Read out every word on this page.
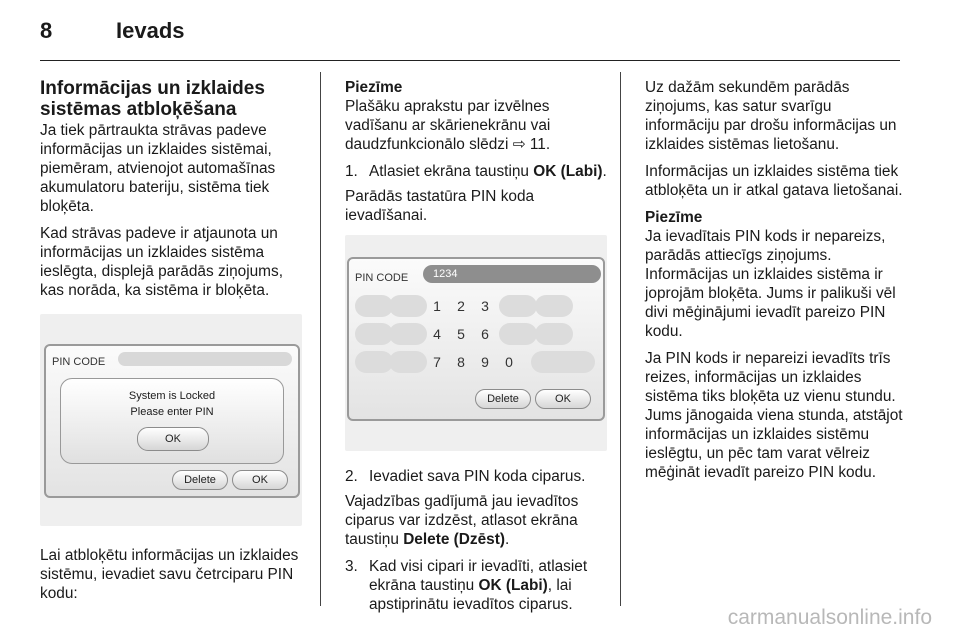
8	Ievads
Informācijas un izklaides sistēmas atbloķēšana

Ja tiek pārtraukta strāvas padeve informācijas un izklaides sistēmai, piemēram, atvienojot automašīnas akumulatoru bateriju, sistēma tiek bloķēta.

Kad strāvas padeve ir atjaunota un informācijas un izklaides sistēma ieslēgta, displejā parādās ziņojums, kas norāda, ka sistēma ir bloķēta.

PIN CODE
System is Locked
Please enter PIN
OK
Delete	OK

Lai atbloķētu informācijas un izklaides sistēmu, ievadiet savu četrciparu PIN kodu:

Piezīme

Plašāku aprakstu par izvēlnes vadīšanu ar skārienekrānu vai daudzfunkcionālo slēdzi ⇨ 11.

1. Atlasiet ekrāna taustiņu OK (Labi).

Parādās tastatūra PIN koda ievadīšanai.

PIN CODE	1234
1	2	3
4	5	6
7	8	9	0
Delete	OK
2. Ievadiet sava PIN koda ciparus.

Vajadzības gadījumā jau ievadītos ciparus var izdzēst, atlasot ekrāna taustiņu Delete (Dzēst).

3. Kad visi cipari ir ievadīti, atlasiet ekrāna taustiņu OK (Labi), lai apstiprinātu ievadītos ciparus.

Uz dažām sekundēm parādās ziņojums, kas satur svarīgu informāciju par drošu informācijas un izklaides sistēmas lietošanu.

Informācijas un izklaides sistēma tiek atbloķēta un ir atkal gatava lietošanai.

Piezīme

Ja ievadītais PIN kods ir nepareizs, parādās attiecīgs ziņojums. Informācijas un izklaides sistēma ir joprojām bloķēta. Jums ir palikuši vēl divi mēģinājumi ievadīt pareizo PIN kodu.

Ja PIN kods ir nepareizi ievadīts trīs reizes, informācijas un izklaides sistēma tiks bloķēta uz vienu stundu. Jums jānogaida viena stunda, atstājot informācijas un izklaides sistēmu ieslēgtu, un pēc tam varat vēlreiz mēģināt ievadīt pareizo PIN kodu.

carmanualsonline.info
